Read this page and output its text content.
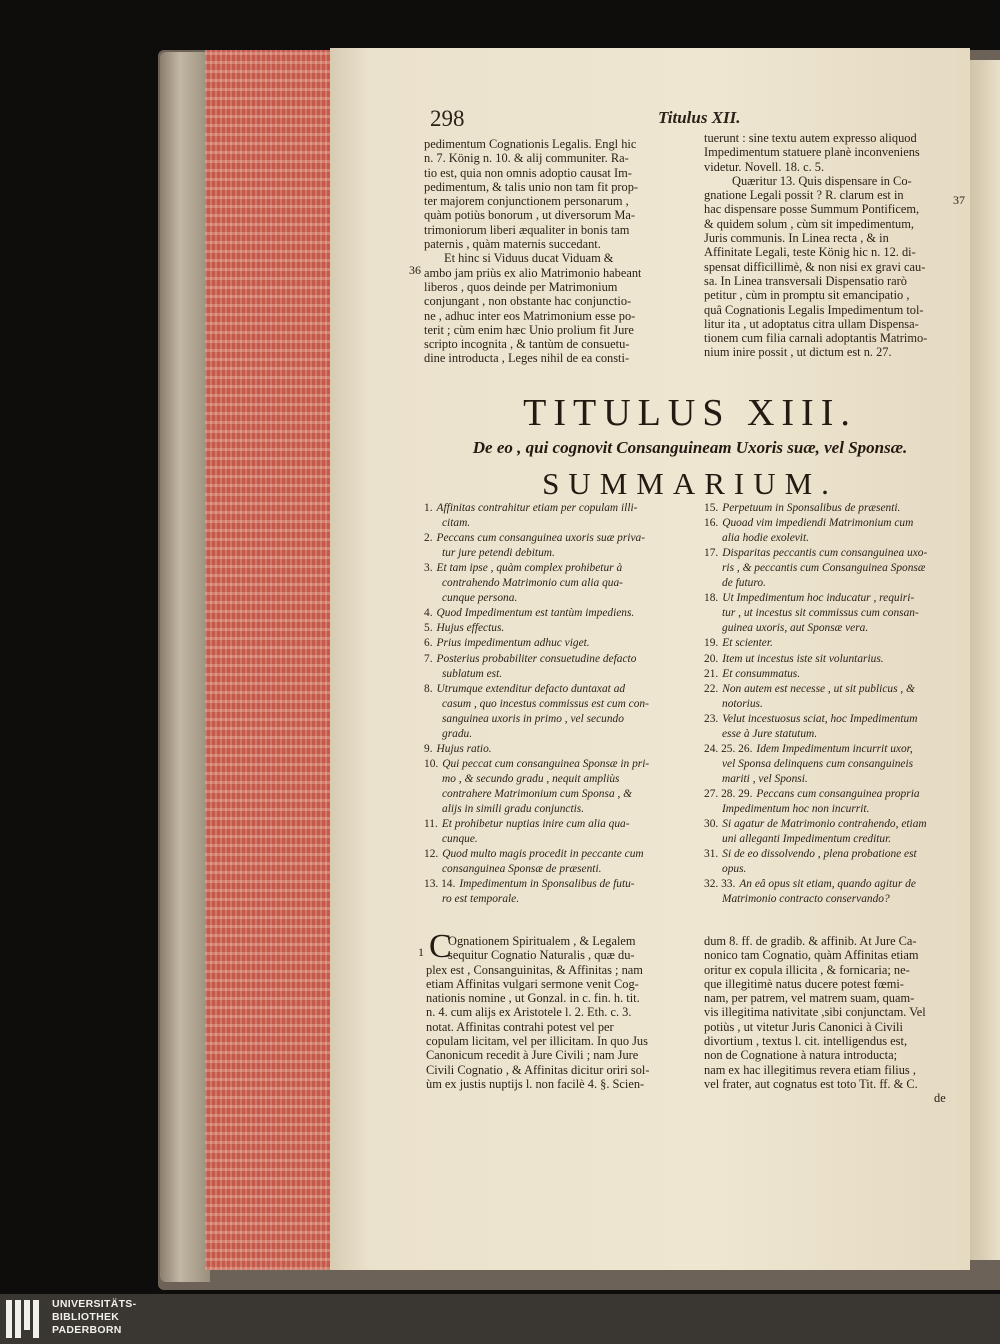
298	Titulus XII.
pedimentum Cognationis Legalis. Engl hic
n. 7. König n. 10. & alij communiter. Ra-
tio est, quia non omnis adoptio causat Im-
pedimentum, & talis unio non tam fit prop-
ter majorem conjunctionem personarum ,
quàm potiùs bonorum , ut diversorum Ma-
trimoniorum liberi æqualiter in bonis tam
paternis , quàm maternis succedant.
Et hinc si Viduus ducat Viduam &
ambo jam priùs ex alio Matrimonio habeant
liberos , quos deinde per Matrimonium
conjungant , non obstante hac conjunctio-
ne , adhuc inter eos Matrimonium esse po-
terit ; cùm enim hæc Unio prolium fit Jure
scripto incognita , & tantùm de consuetu-
dine introducta , Leges nihil de ea consti-
tuerunt : sine textu autem expresso aliquod
Impedimentum statuere planè inconveniens
videtur. Novell. 18. c. 5.
Quæritur 13. Quis dispensare in Co-
gnatione Legali possit ? R. clarum est in
hac dispensare posse Summum Pontificem,
& quidem solum , cùm sit impedimentum,
Juris communis. In Linea recta , & in
Affinitate Legali, teste König hic n. 12. di-
spensat difficillimè, & non nisi ex gravi cau-
sa. In Linea transversali Dispensatio rarò
petitur , cùm in promptu sit emancipatio ,
quâ Cognationis Legalis Impedimentum tol-
litur ita , ut adoptatus citra ullam Dispensa-
tionem cum filia carnali adoptantis Matrimo-
nium inire possit , ut dictum est n. 27.
36
37
TITULUS XIII.
De eo , qui cognovit Consanguineam Uxoris suæ, vel Sponsæ.
SUMMARIUM.
1. Affinitas contrahitur etiam per copulam illi-
citam.
2. Peccans cum consanguinea uxoris suæ priva-
tur jure petendi debitum.
3. Et tam ipse , quàm complex prohibetur à
contrahendo Matrimonio cum alia qua-
cunque persona.
4. Quod Impedimentum est tantùm impediens.
5. Hujus effectus.
6. Prius impedimentum adhuc viget.
7. Posterius probabiliter consuetudine defacto
sublatum est.
8. Utrumque extenditur defacto duntaxat ad
casum , quo incestus commissus est cum con-
sanguinea uxoris in primo , vel secundo
gradu.
9. Hujus ratio.
10. Qui peccat cum consanguinea Sponsæ in pri-
mo , & secundo gradu , nequit ampliùs
contrahere Matrimonium cum Sponsa , &
alijs in simili gradu conjunctis.
11. Et prohibetur nuptias inire cum alia qua-
cunque.
12. Quod multo magis procedit in peccante cum
consanguinea Sponsæ de præsenti.
13. 14. Impedimentum in Sponsalibus de futu-
ro est temporale.
15. Perpetuum in Sponsalibus de præsenti.
16. Quoad vim impediendi Matrimonium cum
alia hodie exolevit.
17. Disparitas peccantis cum consanguinea uxo-
ris , & peccantis cum Consanguinea Sponsæ
de futuro.
18. Ut Impedimentum hoc inducatur , requiri-
tur , ut incestus sit commissus cum consan-
guinea uxoris, aut Sponsæ vera.
19. Et scienter.
20. Item ut incestus iste sit voluntarius.
21. Et consummatus.
22. Non autem est necesse , ut sit publicus , &
notorius.
23. Velut incestuosus sciat, hoc Impedimentum
esse à Jure statutum.
24. 25. 26. Idem Impedimentum incurrit uxor,
vel Sponsa delinquens cum consanguineis
mariti , vel Sponsi.
27. 28. 29. Peccans cum consanguinea propria
Impedimentum hoc non incurrit.
30. Si agatur de Matrimonio contrahendo, etiam
uni alleganti Impedimentum creditur.
31. Si de eo dissolvendo , plena probatione est
opus.
32. 33. An eâ opus sit etiam, quando agitur de
Matrimonio contracto conservando?
1 C
Ognationem Spiritualem , & Legalem
sequitur Cognatio Naturalis , quæ du-
plex est , Consanguinitas, & Affinitas ; nam
etiam Affinitas vulgari sermone venit Cog-
nationis nomine , ut Gonzal. in c. fin. h. tit.
n. 4. cum alijs ex Aristotele l. 2. Eth. c. 3.
notat. Affinitas contrahi potest vel per
copulam licitam, vel per illicitam. In quo Jus
Canonicum recedit à Jure Civili ; nam Jure
Civili Cognatio , & Affinitas dicitur oriri sol-
ùm ex justis nuptijs l. non facilè 4. §. Scien-
dum 8. ff. de gradib. & affinib. At Jure Ca-
nonico tam Cognatio, quàm Affinitas etiam
oritur ex copula illicita , & fornicaria; ne-
que illegitimè natus ducere potest fœmi-
nam, per patrem, vel matrem suam, quam-
vis illegitima nativitate ,sibi conjunctam. Vel
potiùs , ut vitetur Juris Canonici à Civili
divortium , textus l. cit. intelligendus est,
non de Cognatione à natura introducta;
nam ex hac illegitimus revera etiam filius ,
vel frater, aut cognatus est toto Tit. ff. & C.
de
UNIVERSITÄTS-
BIBLIOTHEK
PADERBORN
